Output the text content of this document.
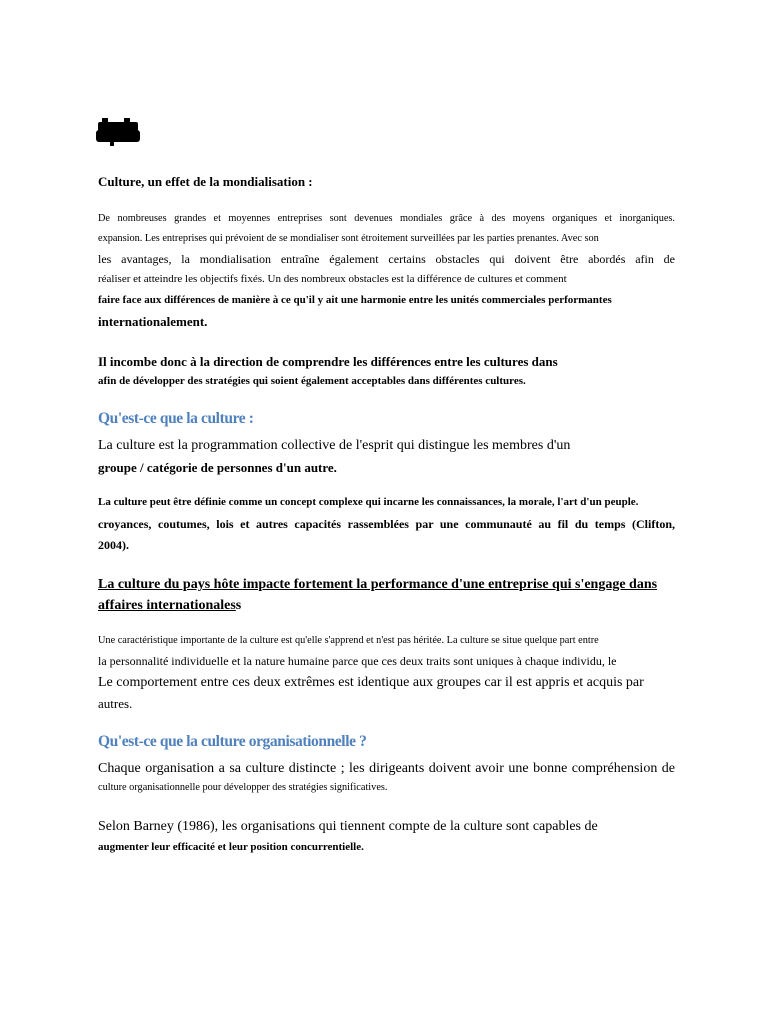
Culture, un effet de la mondialisation :
De nombreuses grandes et moyennes entreprises sont devenues mondiales grâce à des moyens organiques et inorganiques.
expansion. Les entreprises qui prévoient de se mondialiser sont étroitement surveillées par les parties prenantes. Avec son
les avantages, la mondialisation entraîne également certains obstacles qui doivent être abordés afin de
réaliser et atteindre les objectifs fixés. Un des nombreux obstacles est la différence de cultures et comment
faire face aux différences de manière à ce qu'il y ait une harmonie entre les unités commerciales performantes
internationalement.
Il incombe donc à la direction de comprendre les différences entre les cultures dans
afin de développer des stratégies qui soient également acceptables dans différentes cultures.
Qu'est-ce que la culture :
La culture est la programmation collective de l'esprit qui distingue les membres d'un
groupe / catégorie de personnes d'un autre.
La culture peut être définie comme un concept complexe qui incarne les connaissances, la morale, l'art d'un peuple.
croyances, coutumes, lois et autres capacités rassemblées par une communauté au fil du temps (Clifton,
2004).
La culture du pays hôte impacte fortement la performance d'une entreprise qui s'engage dans
affaires internationaless
Une caractéristique importante de la culture est qu'elle s'apprend et n'est pas héritée. La culture se situe quelque part entre
la personnalité individuelle et la nature humaine parce que ces deux traits sont uniques à chaque individu, le
Le comportement entre ces deux extrêmes est identique aux groupes car il est appris et acquis par
autres.
Qu'est-ce que la culture organisationnelle ?
Chaque organisation a sa culture distincte ; les dirigeants doivent avoir une bonne compréhension de
culture organisationnelle pour développer des stratégies significatives.
Selon Barney (1986), les organisations qui tiennent compte de la culture sont capables de
augmenter leur efficacité et leur position concurrentielle.
